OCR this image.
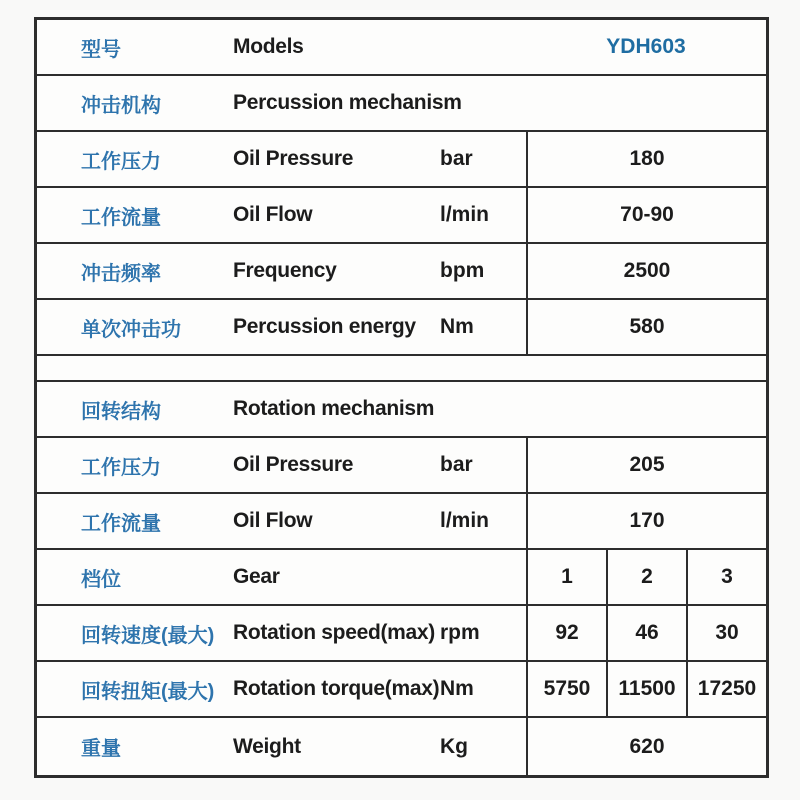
型号	Models	YDH603
冲击机构	Percussion mechanism
工作压力	Oil Pressure	bar	180
工作流量	Oil Flow	l/min	70-90
冲击频率	Frequency	bpm	2500
单次冲击功	Percussion energy	Nm	580
回转结构	Rotation mechanism
工作压力	Oil Pressure	bar	205
工作流量	Oil Flow	l/min	170
档位	Gear	1	2	3
回转速度(最大) Rotation speed(max) rpm	92	46	30
回转扭矩(最大) Rotation torque(max) Nm	5750	11500	17250
重量	Weight	Kg	620
